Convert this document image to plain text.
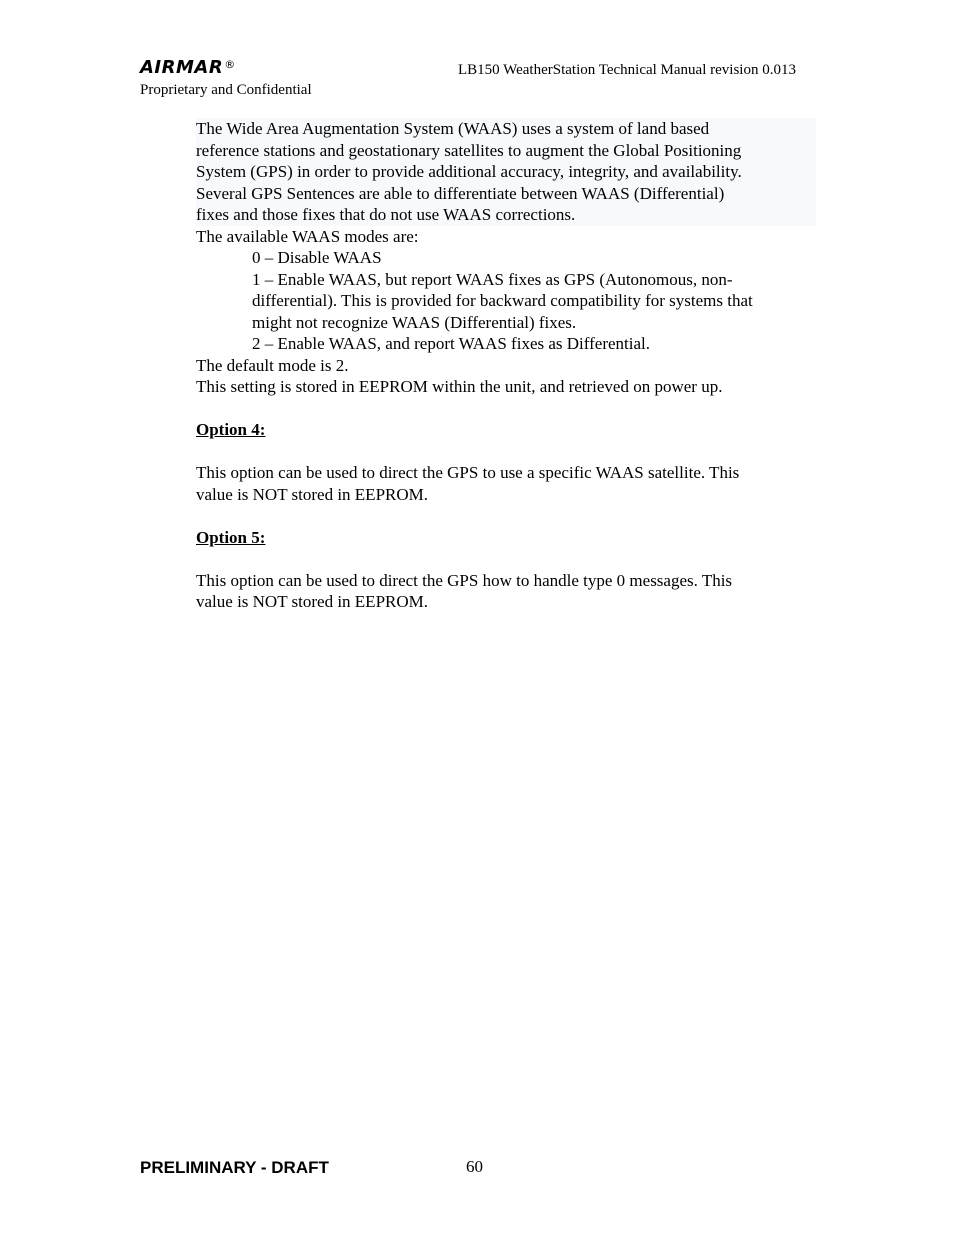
AIRMAR®	LB150 WeatherStation Technical Manual revision 0.013
Proprietary and Confidential

The Wide Area Augmentation System (WAAS) uses a system of land based

reference stations and geostationary satellites to augment the Global Positioning

System (GPS) in order to provide additional accuracy, integrity, and availability.

Several GPS Sentences are able to differentiate between WAAS (Differential)

fixes and those fixes that do not use WAAS corrections.

The available WAAS modes are:

0 – Disable WAAS

1 – Enable WAAS, but report WAAS fixes as GPS (Autonomous, non-

differential). This is provided for backward compatibility for systems that

might not recognize WAAS (Differential) fixes.

2 – Enable WAAS, and report WAAS fixes as Differential.

The default mode is 2.

This setting is stored in EEPROM within the unit, and retrieved on power up.

Option 4:

This option can be used to direct the GPS to use a specific WAAS satellite. This

value is NOT stored in EEPROM.

Option 5:

This option can be used to direct the GPS how to handle type 0 messages. This

value is NOT stored in EEPROM.

PRELIMINARY - DRAFT	60
